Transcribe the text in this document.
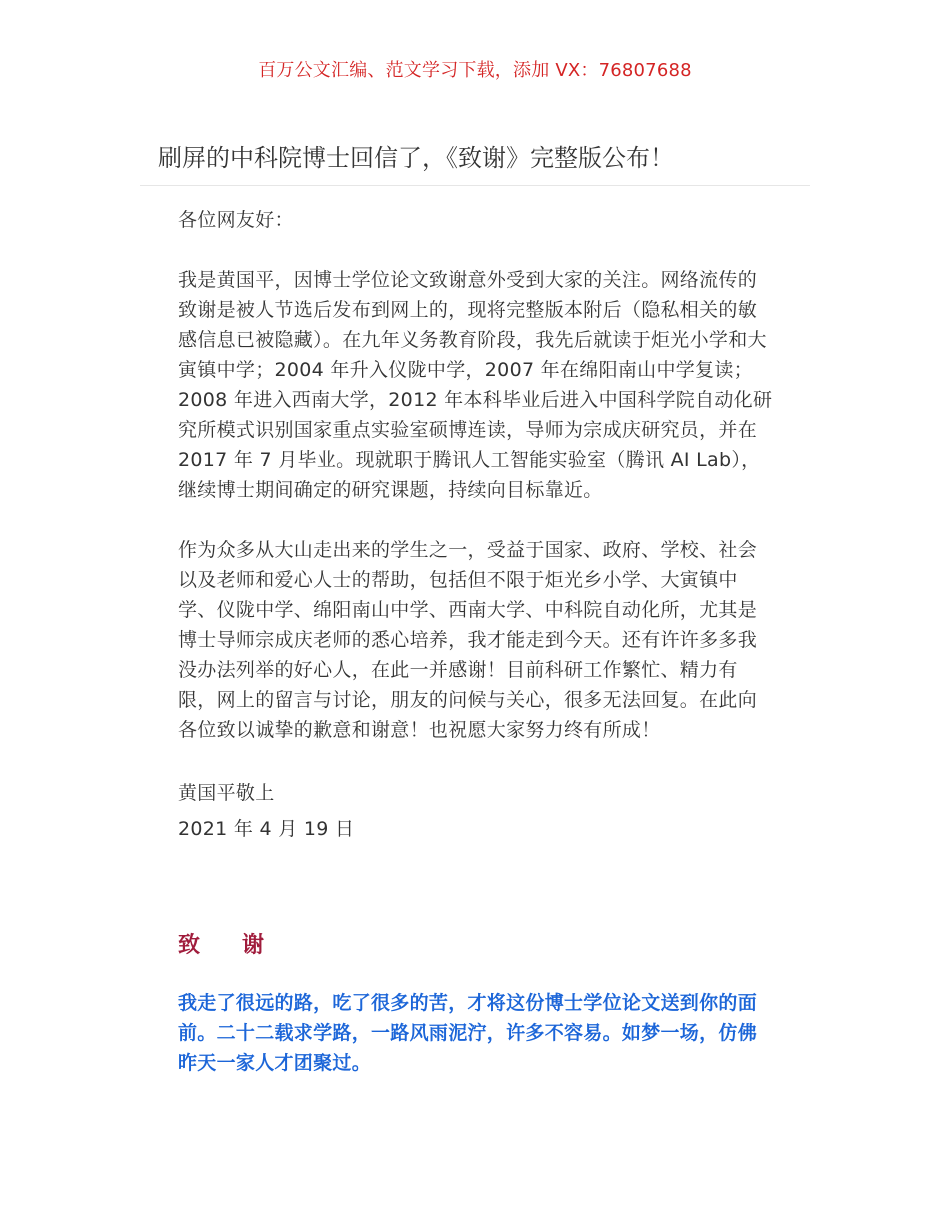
百万公文汇编、范文学习下载，添加 VX：76807688
刷屏的中科院博士回信了，《致谢》完整版公布！

各位网友好：

我是黄国平，因博士学位论文致谢意外受到大家的关注。网络流传的致谢是被人节选后发布到网上的，现将完整版本附后（隐私相关的敏感信息已被隐藏）。在九年义务教育阶段，我先后就读于炬光小学和大寅镇中学；2004 年升入仪陇中学，2007 年在绵阳南山中学复读；2008 年进入西南大学，2012 年本科毕业后进入中国科学院自动化研究所模式识别国家重点实验室硕博连读，导师为宗成庆研究员，并在 2017 年 7 月毕业。现就职于腾讯人工智能实验室（腾讯 AI Lab），继续博士期间确定的研究课题，持续向目标靠近。

作为众多从大山走出来的学生之一，受益于国家、政府、学校、社会以及老师和爱心人士的帮助，包括但不限于炬光乡小学、大寅镇中学、仪陇中学、绵阳南山中学、西南大学、中科院自动化所，尤其是博士导师宗成庆老师的悉心培养，我才能走到今天。还有许许多多我没办法列举的好心人，在此一并感谢！目前科研工作繁忙、精力有限，网上的留言与讨论，朋友的问候与关心，很多无法回复。在此向各位致以诚挚的歉意和谢意！也祝愿大家努力终有所成！

黄国平敬上

2021 年 4 月 19 日

致谢
我走了很远的路，吃了很多的苦，才将这份博士学位论文送到你的面前。二十二载求学路，一路风雨泥泞，许多不容易。如梦一场，仿佛昨天一家人才团聚过。
